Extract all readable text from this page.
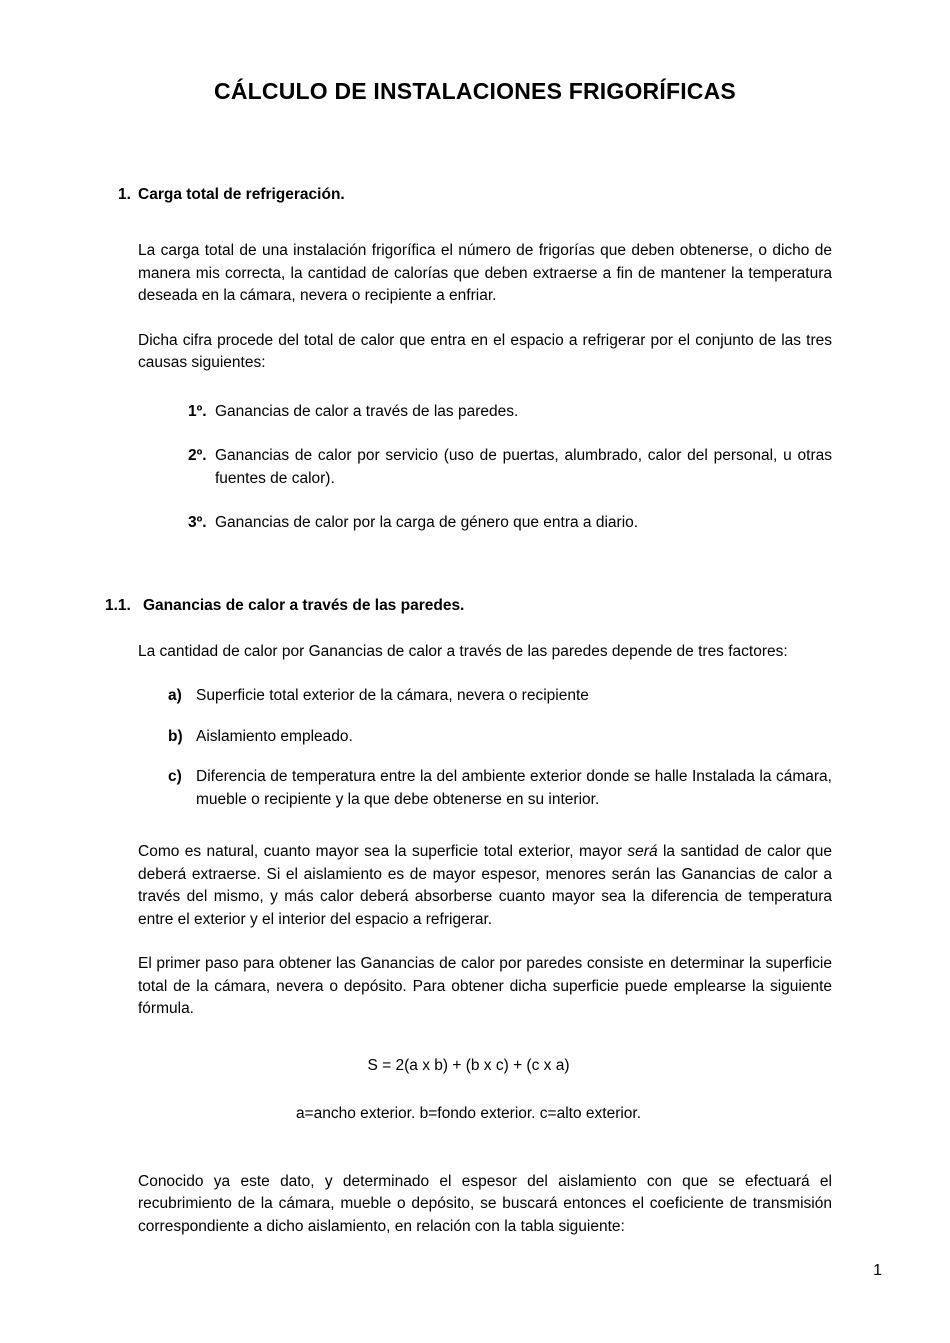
CÁLCULO DE INSTALACIONES FRIGORÍFICAS
1. Carga total de refrigeración.

La carga total de una instalación frigorífica el número de frigorías que deben obtenerse, o dicho de manera mis correcta, la cantidad de calorías que deben extraerse a fin de mantener la temperatura deseada en la cámara, nevera o recipiente a enfriar.

Dicha cifra procede del total de calor que entra en el espacio a refrigerar por el conjunto de las tres causas siguientes:

1º. Ganancias de calor a través de las paredes.
2º. Ganancias de calor por servicio (uso de puertas, alumbrado, calor del personal, u otras fuentes de calor).
3º. Ganancias de calor por la carga de género que entra a diario.
1.1. Ganancias de calor a través de las paredes.

La cantidad de calor por Ganancias de calor a través de las paredes depende de tres factores:

a) Superficie total exterior de la cámara, nevera o recipiente
b) Aislamiento empleado.
c) Diferencia de temperatura entre la del ambiente exterior donde se halle Instalada la cámara, mueble o recipiente y la que debe obtenerse en su interior.

Como es natural, cuanto mayor sea la superficie total exterior, mayor será la santidad de calor que deberá extraerse. Si el aislamiento es de mayor espesor, menores serán las Ganancias de calor a través del mismo, y más calor deberá absorberse cuanto mayor sea la diferencia de temperatura entre el exterior y el interior del espacio a refrigerar.

El primer paso para obtener las Ganancias de calor por paredes consiste en determinar la superficie total de la cámara, nevera o depósito. Para obtener dicha superficie puede emplearse la siguiente fórmula.

S = 2(a x b) + (b x c) + (c x a)

a=ancho exterior. b=fondo exterior. c=alto exterior.

Conocido ya este dato, y determinado el espesor del aislamiento con que se efectuará el recubrimiento de la cámara, mueble o depósito, se buscará entonces el coeficiente de transmisión correspondiente a dicho aislamiento, en relación con la tabla siguiente:

1
